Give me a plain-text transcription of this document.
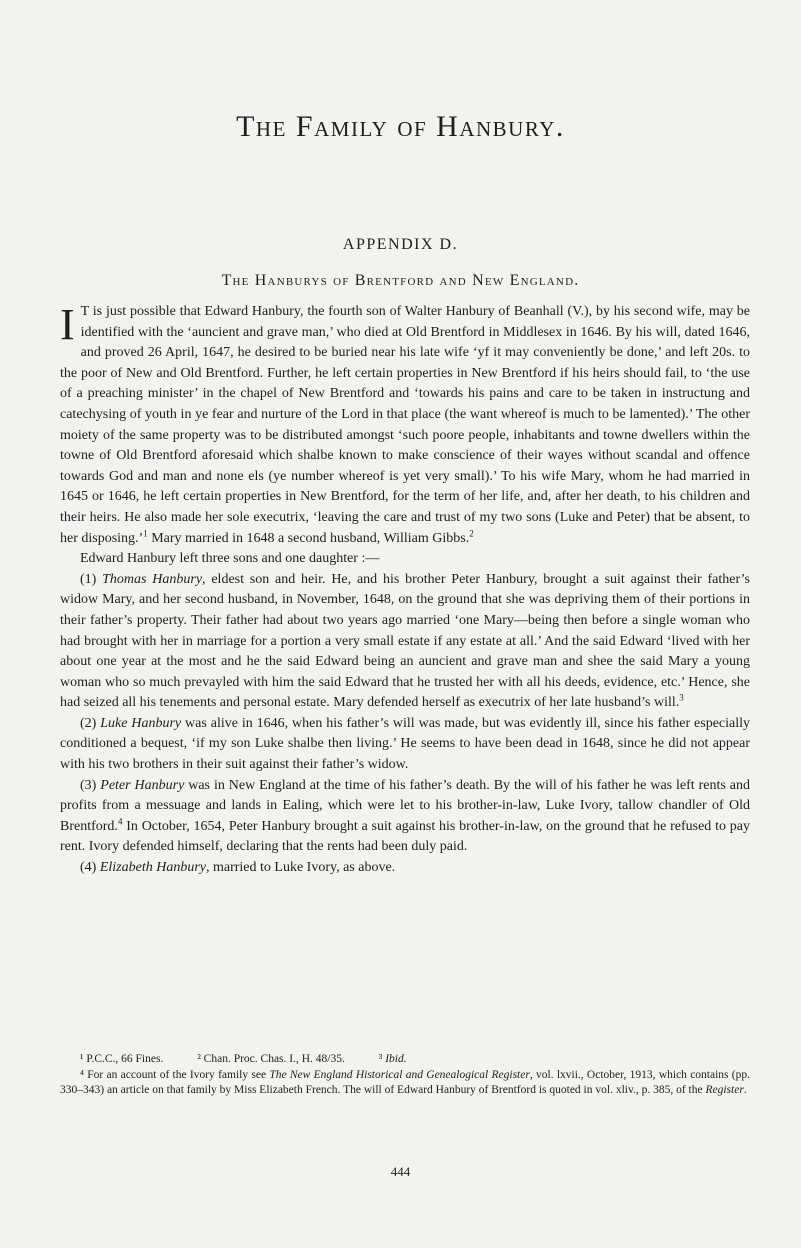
The Family of Hanbury.
APPENDIX D.
The Hanburys of Brentford and New England.

I T is just possible that Edward Hanbury, the fourth son of Walter Hanbury of Beanhall (V.), by his second wife, may be identified with the ‘auncient and grave man,’ who died at Old Brentford in Middlesex in 1646. By his will, dated 1646, and proved 26 April, 1647, he desired to be buried near his late wife ‘yf it may conveniently be done,’ and left 20s. to the poor of New and Old Brentford. Further, he left certain properties in New Brentford if his heirs should fail, to ‘the use of a preaching minister’ in the chapel of New Brentford and ‘towards his pains and care to be taken in instructung and catechysing of youth in ye fear and nurture of the Lord in that place (the want whereof is much to be lamented).’ The other moiety of the same property was to be distributed amongst ‘such poore people, inhabitants and towne dwellers within the towne of Old Brentford aforesaid which shalbe known to make conscience of their wayes without scandal and offence towards God and man and none els (ye number whereof is yet very small).’ To his wife Mary, whom he had married in 1645 or 1646, he left certain properties in New Brentford, for the term of her life, and, after her death, to his children and their heirs. He also made her sole executrix, ‘leaving the care and trust of my two sons (Luke and Peter) that be absent, to her disposing.’$^1$ Mary married in 1648 a second husband, William Gibbs.$^2$

Edward Hanbury left three sons and one daughter :—

(1) Thomas Hanbury, eldest son and heir. He, and his brother Peter Hanbury, brought a suit against their father’s widow Mary, and her second husband, in November, 1648, on the ground that she was depriving them of their portions in their father’s property. Their father had about two years ago married ‘one Mary—being then before a single woman who had brought with her in marriage for a portion a very small estate if any estate at all.’ And the said Edward ‘lived with her about one year at the most and he the said Edward being an auncient and grave man and shee the said Mary a young woman who so much prevayled with him the said Edward that he trusted her with all his deeds, evidence, etc.’ Hence, she had seized all his tenements and personal estate. Mary defended herself as executrix of her late husband’s will.$^3$

(2) Luke Hanbury was alive in 1646, when his father’s will was made, but was evidently ill, since his father especially conditioned a bequest, ‘if my son Luke shalbe then living.’ He seems to have been dead in 1648, since he did not appear with his two brothers in their suit against their father’s widow.

(3) Peter Hanbury was in New England at the time of his father’s death. By the will of his father he was left rents and profits from a messuage and lands in Ealing, which were let to his brother-in-law, Luke Ivory, tallow chandler of Old Brentford.$^4$ In October, 1654, Peter Hanbury brought a suit against his brother-in-law, on the ground that he refused to pay rent. Ivory defended himself, declaring that the rents had been duly paid.

(4) Elizabeth Hanbury, married to Luke Ivory, as above.

¹ P.C.C., 66 Fines.	² Chan. Proc. Chas. I., H. 48/35.	³ Ibid.

⁴ For an account of the Ivory family see The New England Historical and Genealogical Register, vol. lxvii., October, 1913, which contains (pp. 330–343) an article on that family by Miss Elizabeth French. The will of Edward Hanbury of Brentford is quoted in vol. xliv., p. 385, of the Register.

444
